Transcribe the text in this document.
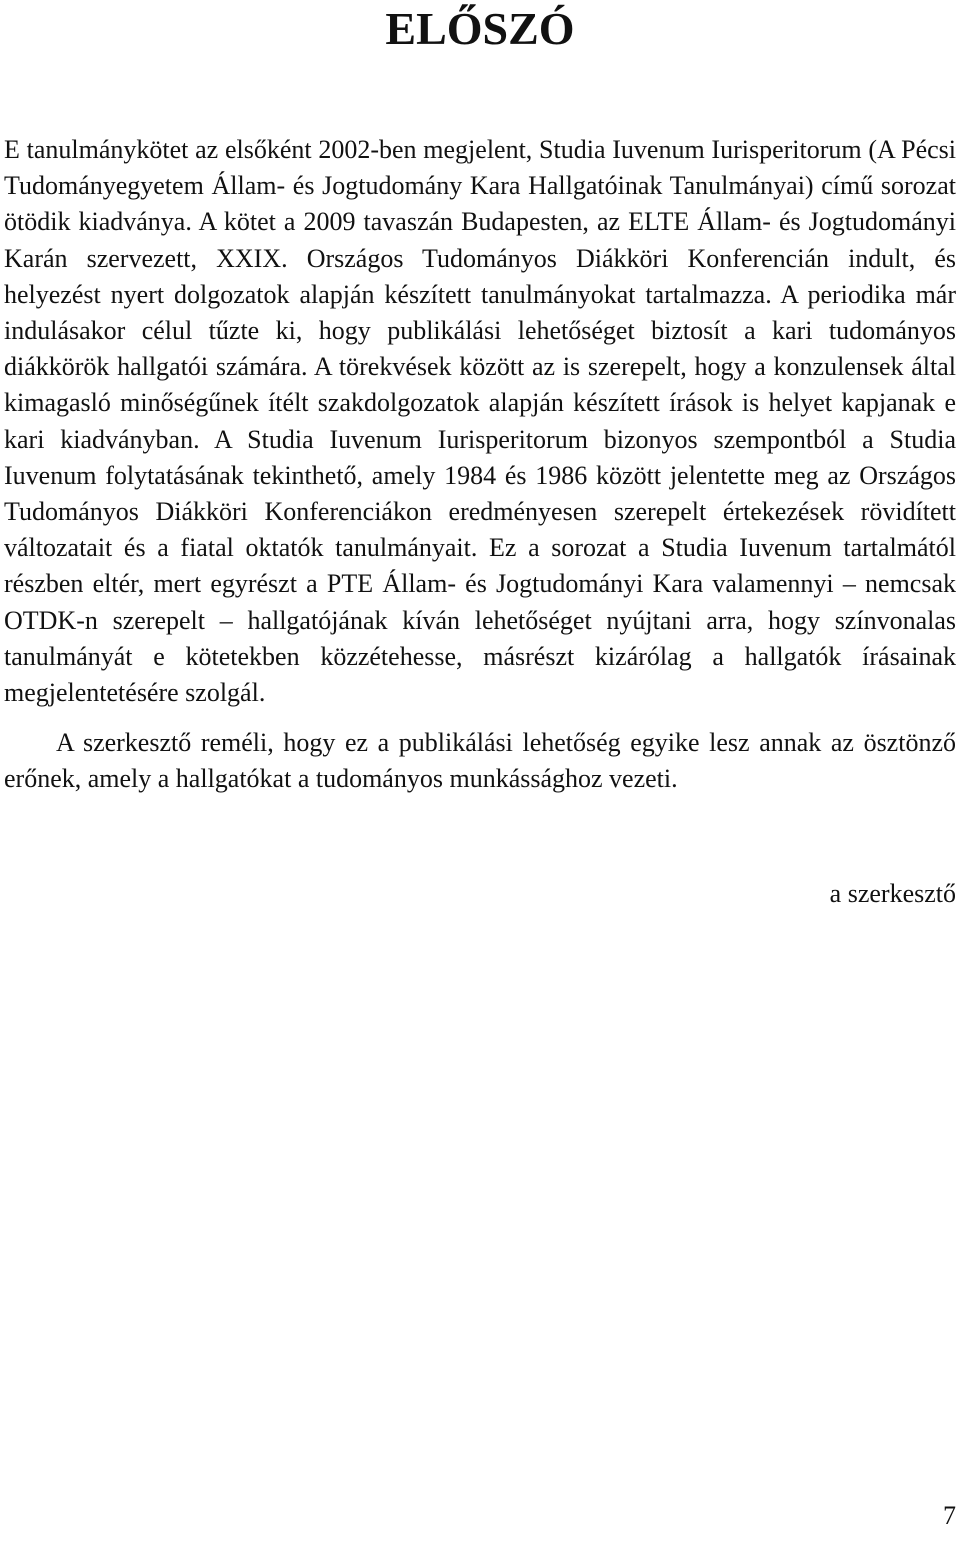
ELŐSZÓ

E tanulmánykötet az elsőként 2002-ben megjelent, Studia Iuvenum Iurisperitorum (A Pécsi Tudományegyetem Állam- és Jogtudomány Kara Hallgatóinak Tanulmányai) című sorozat ötödik kiadványa. A kötet a 2009 tavaszán Budapesten, az ELTE Állam- és Jogtudományi Karán szervezett, XXIX. Országos Tudományos Diákköri Konferencián indult, és helyezést nyert dolgozatok alapján készített tanulmányokat tartalmazza. A periodika már indulásakor célul tűzte ki, hogy publikálási lehetőséget biztosít a kari tudományos diákkörök hallgatói számára. A törekvések között az is szerepelt, hogy a konzulensek által kimagasló minőségűnek ítélt szakdolgozatok alapján készített írások is helyet kapjanak e kari kiadványban. A Studia Iuvenum Iurisperitorum bizonyos szempontból a Studia Iuvenum folytatásának tekinthető, amely 1984 és 1986 között jelentette meg az Országos Tudományos Diákköri Konferenciákon eredményesen szerepelt értekezések rövidített változatait és a fiatal oktatók tanulmányait. Ez a sorozat a Studia Iuvenum tartalmától részben eltér, mert egyrészt a PTE Állam- és Jogtudományi Kara valamennyi – nemcsak OTDK-n szerepelt – hallgatójának kíván lehetőséget nyújtani arra, hogy színvonalas tanulmányát e kötetekben közzétehesse, másrészt kizárólag a hallgatók írásainak megjelentetésére szolgál.

A szerkesztő reméli, hogy ez a publikálási lehetőség egyike lesz annak az ösztönző erőnek, amely a hallgatókat a tudományos munkássághoz vezeti.

a szerkesztő

7
